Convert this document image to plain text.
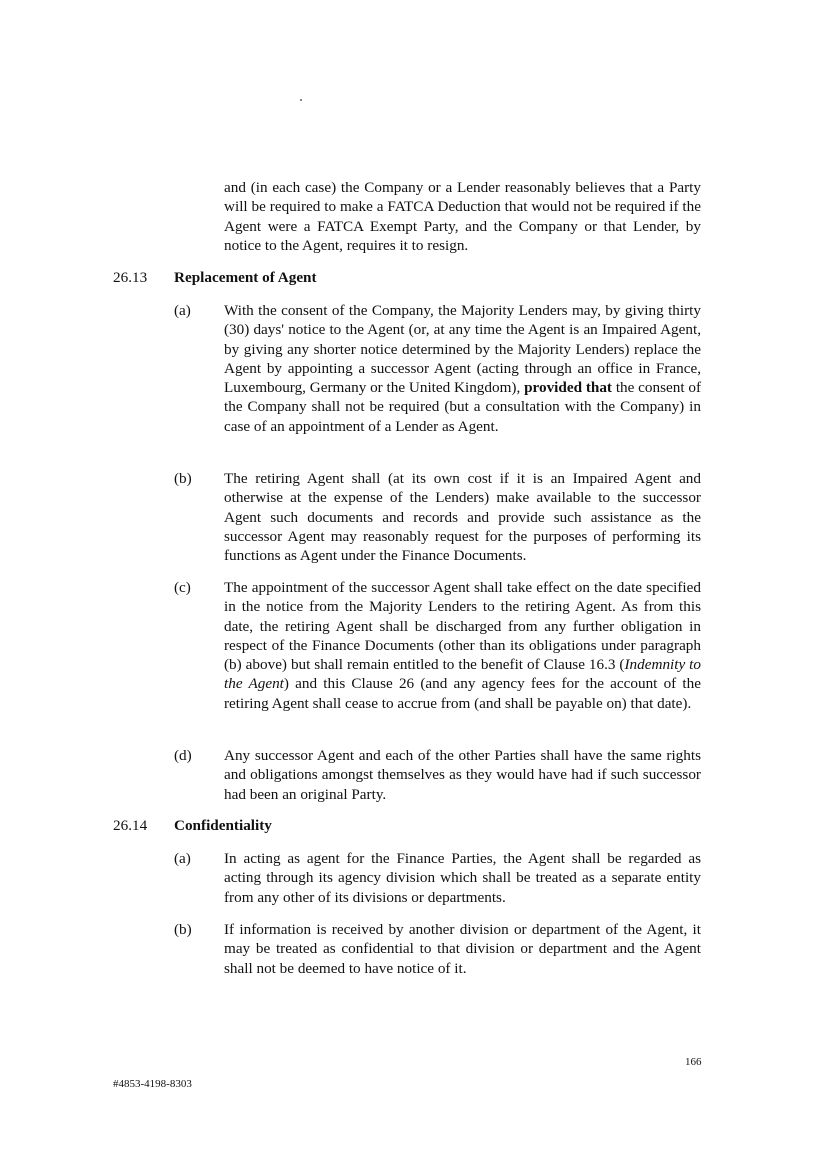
and (in each case) the Company or a Lender reasonably believes that a Party will be required to make a FATCA Deduction that would not be required if the Agent were a FATCA Exempt Party, and the Company or that Lender, by notice to the Agent, requires it to resign.
26.13 Replacement of Agent
(a) With the consent of the Company, the Majority Lenders may, by giving thirty (30) days' notice to the Agent (or, at any time the Agent is an Impaired Agent, by giving any shorter notice determined by the Majority Lenders) replace the Agent by appointing a successor Agent (acting through an office in France, Luxembourg, Germany or the United Kingdom), provided that the consent of the Company shall not be required (but a consultation with the Company) in case of an appointment of a Lender as Agent.
(b) The retiring Agent shall (at its own cost if it is an Impaired Agent and otherwise at the expense of the Lenders) make available to the successor Agent such documents and records and provide such assistance as the successor Agent may reasonably request for the purposes of performing its functions as Agent under the Finance Documents.
(c) The appointment of the successor Agent shall take effect on the date specified in the notice from the Majority Lenders to the retiring Agent. As from this date, the retiring Agent shall be discharged from any further obligation in respect of the Finance Documents (other than its obligations under paragraph (b) above) but shall remain entitled to the benefit of Clause 16.3 (Indemnity to the Agent) and this Clause 26 (and any agency fees for the account of the retiring Agent shall cease to accrue from (and shall be payable on) that date).
(d) Any successor Agent and each of the other Parties shall have the same rights and obligations amongst themselves as they would have had if such successor had been an original Party.
26.14 Confidentiality
(a) In acting as agent for the Finance Parties, the Agent shall be regarded as acting through its agency division which shall be treated as a separate entity from any other of its divisions or departments.
(b) If information is received by another division or department of the Agent, it may be treated as confidential to that division or department and the Agent shall not be deemed to have notice of it.
166
#4853-4198-8303
